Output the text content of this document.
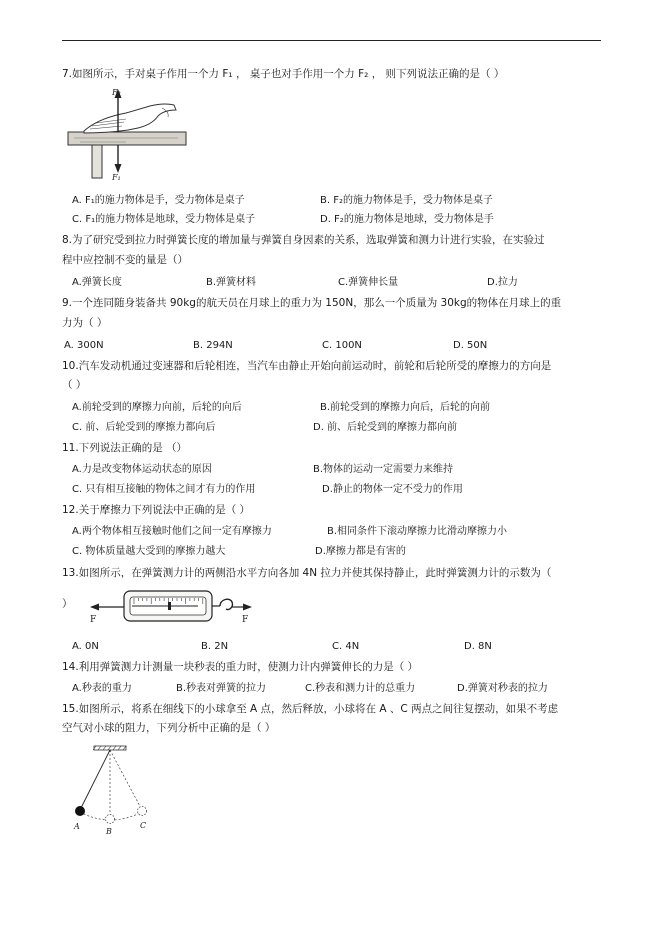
7.如图所示，手对桌子作用一个力 F₁ ， 桌子也对手作用一个力 F₂ ， 则下列说法正确的是（ ）
F₂
F₁
A. F₁的施力物体是手，受力物体是桌子	B. F₂的施力物体是手，受力物体是桌子
C. F₁的施力物体是地球，受力物体是桌子	D. F₂的施力物体是地球，受力物体是手
8.为了研究受到拉力时弹簧长度的增加量与弹簧自身因素的关系，选取弹簧和测力计进行实验，在实验过
程中应控制不变的量是（）
A.弹簧长度	B.弹簧材料	C.弹簧伸长量	D.拉力
9.一个连同随身装备共 90kg的航天员在月球上的重力为 150N，那么一个质量为 30kg的物体在月球上的重
力为（ ）
A. 300N	B. 294N	C. 100N	D. 50N
10.汽车发动机通过变速器和后轮相连，当汽车由静止开始向前运动时，前轮和后轮所受的摩擦力的方向是
（ ）
A.前轮受到的摩擦力向前，后轮的向后	B.前轮受到的摩擦力向后，后轮的向前
C. 前、后轮受到的摩擦力都向后	D. 前、后轮受到的摩擦力都向前
11.下列说法正确的是 （）
A.力是改变物体运动状态的原因	B.物体的运动一定需要力来维持
C. 只有相互接触的物体之间才有力的作用	D.静止的物体一定不受力的作用
12.关于摩擦力下列说法中正确的是（ ）
A.两个物体相互接触时他们之间一定有摩擦力	B.相同条件下滚动摩擦力比滑动摩擦力小
C. 物体质量越大受到的摩擦力越大	D.摩擦力都是有害的
13.如图所示，在弹簧测力计的两侧沿水平方向各加 4N 拉力并使其保持静止，此时弹簧测力计的示数为（
）
F	F
A. 0N	B. 2N	C. 4N	D. 8N
14.利用弹簧测力计测量一块秒表的重力时，使测力计内弹簧伸长的力是（ ）
A.秒表的重力	B.秒表对弹簧的拉力	C.秒表和测力计的总重力	D.弹簧对秒表的拉力
15.如图所示，将系在细线下的小球拿至 A 点，然后释放，小球将在 A 、C 两点之间往复摆动，如果不考虑
空气对小球的阻力，下列分析中正确的是（ ）
A
B
C
